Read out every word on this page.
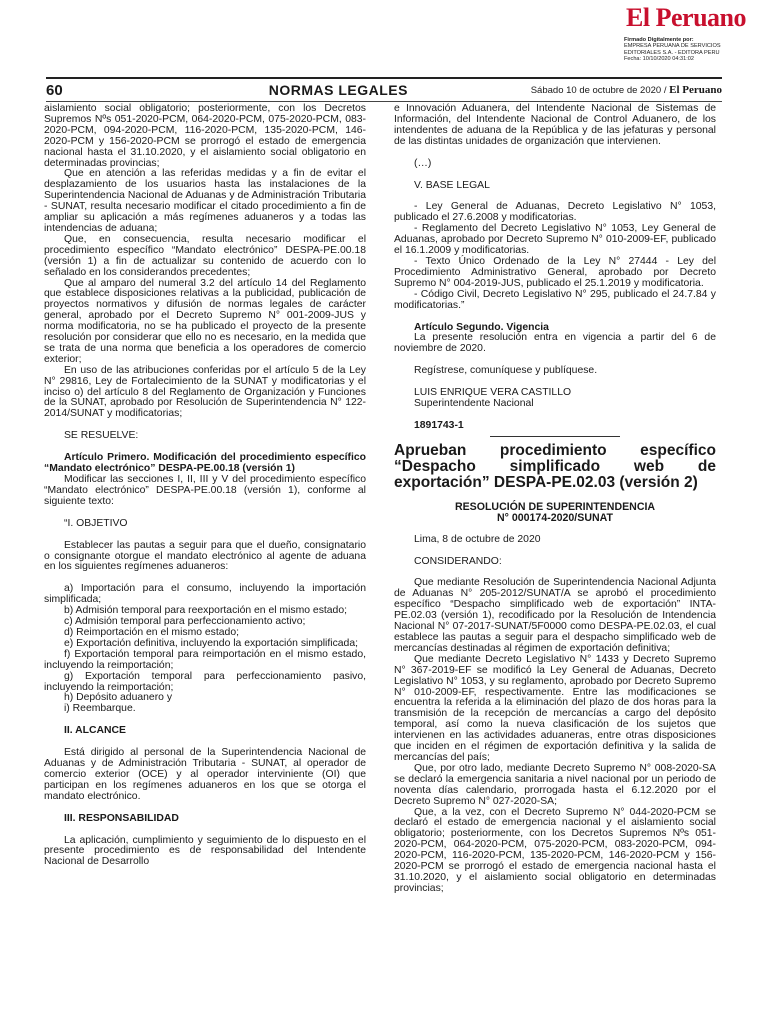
El Peruano
Firmado Digitalmente por:
EMPRESA PERUANA DE SERVICIOS
EDITORIALES S.A. - EDITORA PERU
Fecha: 10/10/2020 04:31:02
60	NORMAS LEGALES	Sábado 10 de octubre de 2020 / El Peruano

aislamiento social obligatorio; posteriormente, con los Decretos Supremos Nºs 051-2020-PCM, 064-2020-PCM, 075-2020-PCM, 083-2020-PCM, 094-2020-PCM, 116-2020-PCM, 135-2020-PCM, 146-2020-PCM y 156-2020-PCM se prorrogó el estado de emergencia nacional hasta el 31.10.2020, y el aislamiento social obligatorio en determinadas provincias;

Que en atención a las referidas medidas y a fin de evitar el desplazamiento de los usuarios hasta las instalaciones de la Superintendencia Nacional de Aduanas y de Administración Tributaria - SUNAT, resulta necesario modificar el citado procedimiento a fin de ampliar su aplicación a más regímenes aduaneros y a todas las intendencias de aduana;

Que, en consecuencia, resulta necesario modificar el procedimiento específico “Mandato electrónico” DESPA-PE.00.18 (versión 1) a fin de actualizar su contenido de acuerdo con lo señalado en los considerandos precedentes;

Que al amparo del numeral 3.2 del artículo 14 del Reglamento que establece disposiciones relativas a la publicidad, publicación de proyectos normativos y difusión de normas legales de carácter general, aprobado por el Decreto Supremo N° 001-2009-JUS y norma modificatoria, no se ha publicado el proyecto de la presente resolución por considerar que ello no es necesario, en la medida que se trata de una norma que beneficia a los operadores de comercio exterior;

En uso de las atribuciones conferidas por el artículo 5 de la Ley N° 29816, Ley de Fortalecimiento de la SUNAT y modificatorias y el inciso o) del artículo 8 del Reglamento de Organización y Funciones de la SUNAT, aprobado por Resolución de Superintendencia N° 122-2014/SUNAT y modificatorias;

SE RESUELVE:

Artículo Primero. Modificación del procedimiento específico “Mandato electrónico” DESPA-PE.00.18 (versión 1)

Modificar las secciones I, II, III y V del procedimiento específico “Mandato electrónico” DESPA-PE.00.18 (versión 1), conforme al siguiente texto:

“I. OBJETIVO

Establecer las pautas a seguir para que el dueño, consignatario o consignante otorgue el mandato electrónico al agente de aduana en los siguientes regímenes aduaneros:

a) Importación para el consumo, incluyendo la importación simplificada;

b) Admisión temporal para reexportación en el mismo estado;

c) Admisión temporal para perfeccionamiento activo;

d) Reimportación en el mismo estado;

e) Exportación definitiva, incluyendo la exportación simplificada;

f) Exportación temporal para reimportación en el mismo estado, incluyendo la reimportación;

g) Exportación temporal para perfeccionamiento pasivo, incluyendo la reimportación;

h) Depósito aduanero y

i) Reembarque.

II. ALCANCE

Está dirigido al personal de la Superintendencia Nacional de Aduanas y de Administración Tributaria - SUNAT, al operador de comercio exterior (OCE) y al operador interviniente (OI) que participan en los regímenes aduaneros en los que se otorga el mandato electrónico.

III. RESPONSABILIDAD

La aplicación, cumplimiento y seguimiento de lo dispuesto en el presente procedimiento es de responsabilidad del Intendente Nacional de Desarrollo

e Innovación Aduanera, del Intendente Nacional de Sistemas de Información, del Intendente Nacional de Control Aduanero, de los intendentes de aduana de la República y de las jefaturas y personal de las distintas unidades de organización que intervienen.

(…)

V. BASE LEGAL

- Ley General de Aduanas, Decreto Legislativo N° 1053, publicado el 27.6.2008 y modificatorias.

- Reglamento del Decreto Legislativo N° 1053, Ley General de Aduanas, aprobado por Decreto Supremo N° 010-2009-EF, publicado el 16.1.2009 y modificatorias.

- Texto Único Ordenado de la Ley N° 27444 - Ley del Procedimiento Administrativo General, aprobado por Decreto Supremo N° 004-2019-JUS, publicado el 25.1.2019 y modificatoria.

- Código Civil, Decreto Legislativo N° 295, publicado el 24.7.84 y modificatorias.”

Artículo Segundo. Vigencia

La presente resolución entra en vigencia a partir del 6 de noviembre de 2020.

Regístrese, comuníquese y publíquese.

LUIS ENRIQUE VERA CASTILLO

Superintendente Nacional

1891743-1

Aprueban procedimiento específico “Despacho simplificado web de exportación” DESPA-PE.02.03 (versión 2)

RESOLUCIÓN DE SUPERINTENDENCIA

N° 000174-2020/SUNAT

Lima, 8 de octubre de 2020

CONSIDERANDO:

Que mediante Resolución de Superintendencia Nacional Adjunta de Aduanas N° 205-2012/SUNAT/A se aprobó el procedimiento específico “Despacho simplificado web de exportación” INTA-PE.02.03 (versión 1), recodificado por la Resolución de Intendencia Nacional N° 07-2017-SUNAT/5F0000 como DESPA-PE.02.03, el cual establece las pautas a seguir para el despacho simplificado web de mercancías destinadas al régimen de exportación definitiva;

Que mediante Decreto Legislativo N° 1433 y Decreto Supremo N° 367-2019-EF se modificó la Ley General de Aduanas, Decreto Legislativo N° 1053, y su reglamento, aprobado por Decreto Supremo N° 010-2009-EF, respectivamente. Entre las modificaciones se encuentra la referida a la eliminación del plazo de dos horas para la transmisión de la recepción de mercancías a cargo del depósito temporal, así como la nueva clasificación de los sujetos que intervienen en las actividades aduaneras, entre otras disposiciones que inciden en el régimen de exportación definitiva y la salida de mercancías del país;

Que, por otro lado, mediante Decreto Supremo N° 008-2020-SA se declaró la emergencia sanitaria a nivel nacional por un periodo de noventa días calendario, prorrogada hasta el 6.12.2020 por el Decreto Supremo N° 027-2020-SA;

Que, a la vez, con el Decreto Supremo N° 044-2020-PCM se declaró el estado de emergencia nacional y el aislamiento social obligatorio; posteriormente, con los Decretos Supremos Nºs 051-2020-PCM, 064-2020-PCM, 075-2020-PCM, 083-2020-PCM, 094-2020-PCM, 116-2020-PCM, 135-2020-PCM, 146-2020-PCM y 156-2020-PCM se prorrogó el estado de emergencia nacional hasta el 31.10.2020, y el aislamiento social obligatorio en determinadas provincias;
